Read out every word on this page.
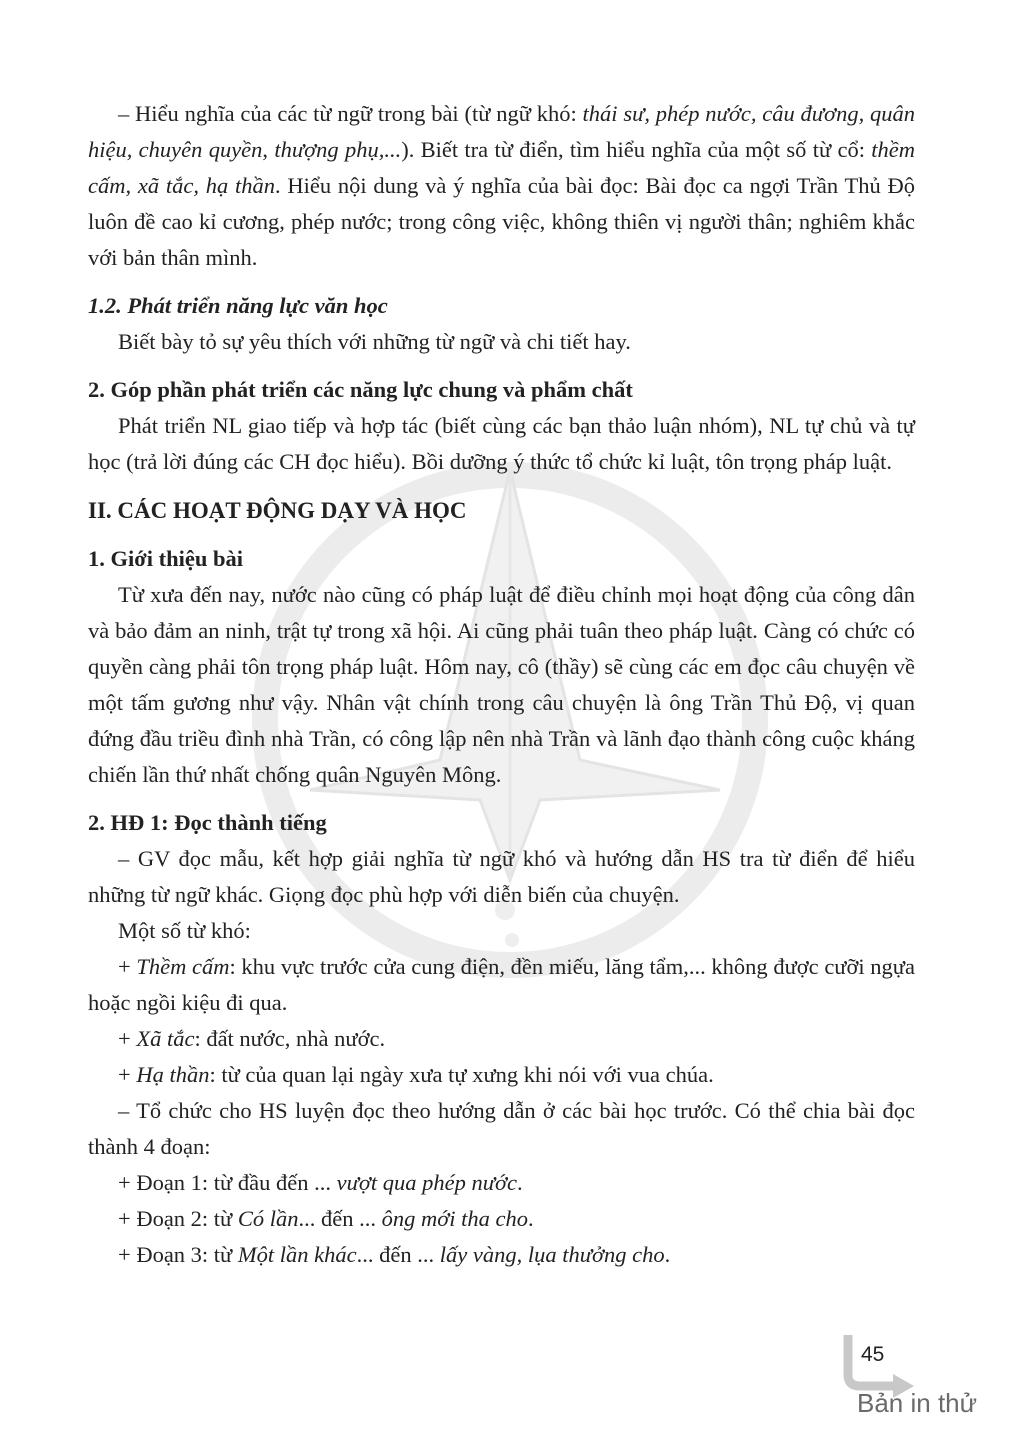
– Hiểu nghĩa của các từ ngữ trong bài (từ ngữ khó: thái sư, phép nước, câu đương, quân hiệu, chuyên quyền, thượng phụ,...). Biết tra từ điển, tìm hiểu nghĩa của một số từ cổ: thềm cấm, xã tắc, hạ thần. Hiểu nội dung và ý nghĩa của bài đọc: Bài đọc ca ngợi Trần Thủ Độ luôn đề cao kỉ cương, phép nước; trong công việc, không thiên vị người thân; nghiêm khắc với bản thân mình.

1.2. Phát triển năng lực văn học

Biết bày tỏ sự yêu thích với những từ ngữ và chi tiết hay.

2. Góp phần phát triển các năng lực chung và phẩm chất

Phát triển NL giao tiếp và hợp tác (biết cùng các bạn thảo luận nhóm), NL tự chủ và tự học (trả lời đúng các CH đọc hiểu). Bồi dưỡng ý thức tổ chức kỉ luật, tôn trọng pháp luật.

II. CÁC HOẠT ĐỘNG DẠY VÀ HỌC

1. Giới thiệu bài

Từ xưa đến nay, nước nào cũng có pháp luật để điều chỉnh mọi hoạt động của công dân và bảo đảm an ninh, trật tự trong xã hội. Ai cũng phải tuân theo pháp luật. Càng có chức có quyền càng phải tôn trọng pháp luật. Hôm nay, cô (thầy) sẽ cùng các em đọc câu chuyện về một tấm gương như vậy. Nhân vật chính trong câu chuyện là ông Trần Thủ Độ, vị quan đứng đầu triều đình nhà Trần, có công lập nên nhà Trần và lãnh đạo thành công cuộc kháng chiến lần thứ nhất chống quân Nguyên Mông.

2. HĐ 1: Đọc thành tiếng

– GV đọc mẫu, kết hợp giải nghĩa từ ngữ khó và hướng dẫn HS tra từ điển để hiểu những từ ngữ khác. Giọng đọc phù hợp với diễn biến của chuyện.

Một số từ khó:

+ Thềm cấm: khu vực trước cửa cung điện, đền miếu, lăng tẩm,... không được cưỡi ngựa hoặc ngồi kiệu đi qua.

+ Xã tắc: đất nước, nhà nước.

+ Hạ thần: từ của quan lại ngày xưa tự xưng khi nói với vua chúa.

– Tổ chức cho HS luyện đọc theo hướng dẫn ở các bài học trước. Có thể chia bài đọc thành 4 đoạn:

+ Đoạn 1: từ đầu đến ... vượt qua phép nước.

+ Đoạn 2: từ Có lần... đến ... ông mới tha cho.

+ Đoạn 3: từ Một lần khác... đến ... lấy vàng, lụa thưởng cho.

45
Bản in thử
